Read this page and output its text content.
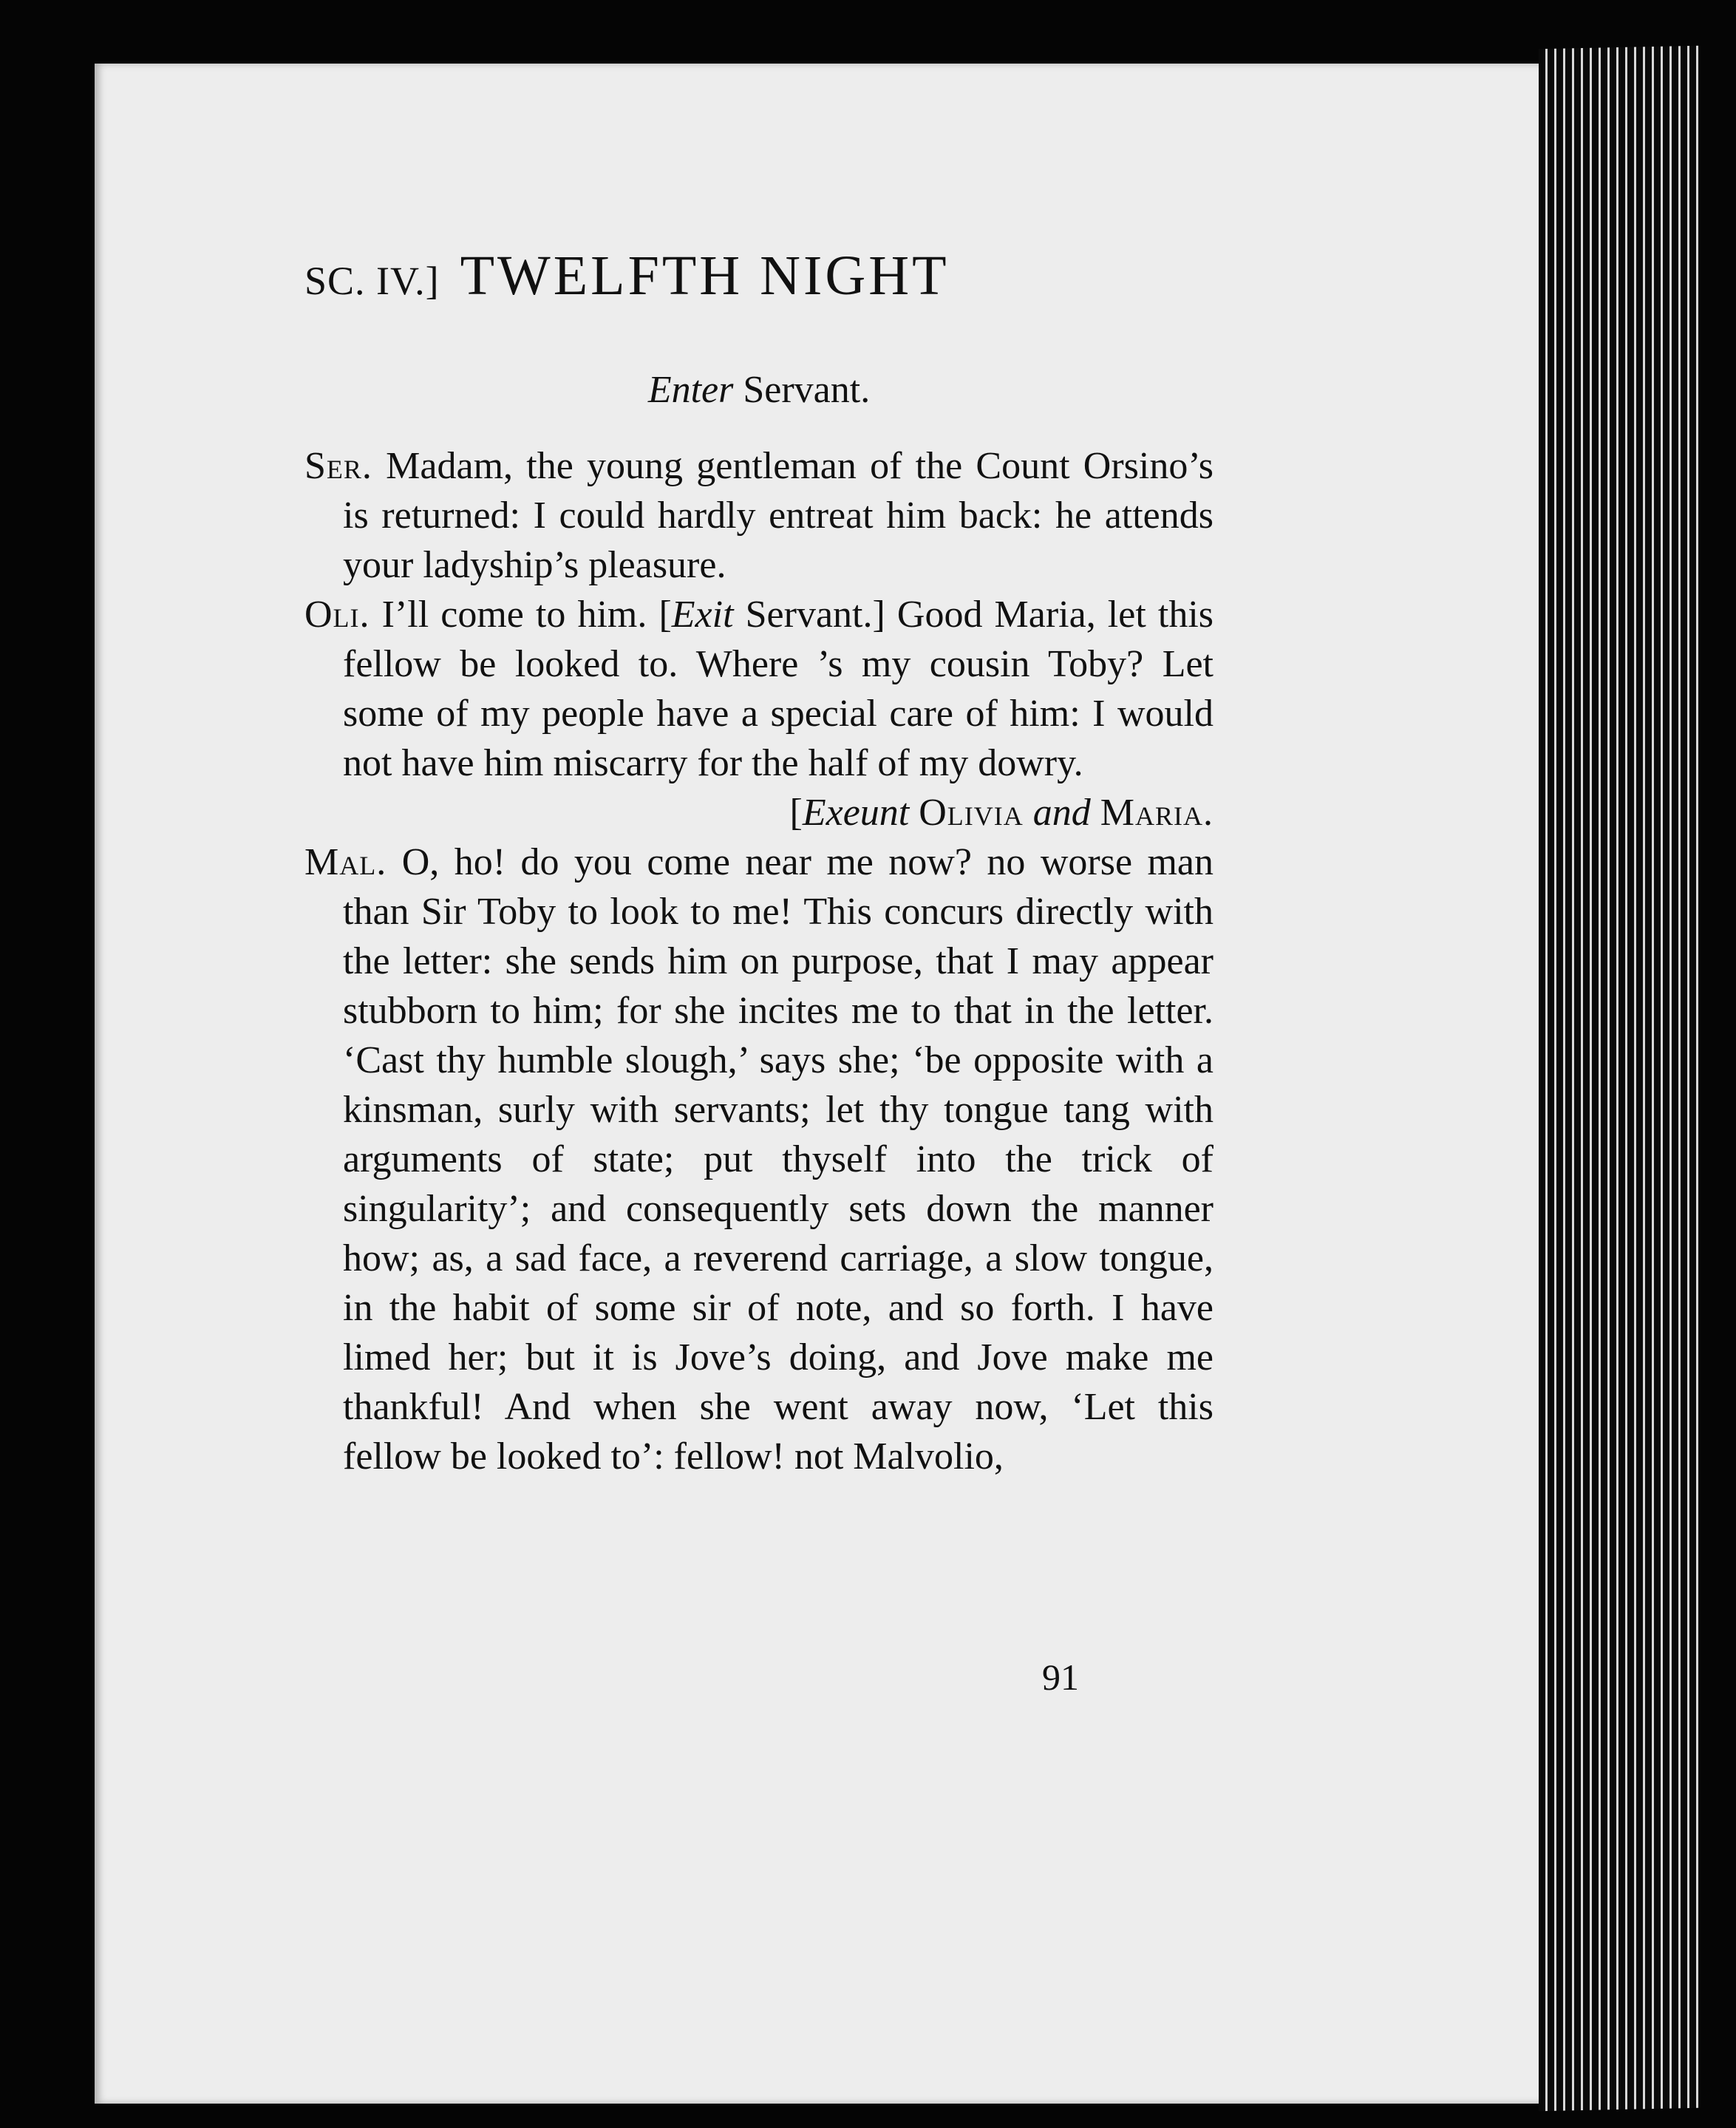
SC. IV.] TWELFTH NIGHT

Enter Servant.

Ser. Madam, the young gentleman of the Count Orsino’s is returned: I could hardly entreat him back: he attends your ladyship’s pleasure.

Oli. I’ll come to him. [Exit Servant.] Good Maria, let this fellow be looked to. Where ’s my cousin Toby? Let some of my people have a special care of him: I would not have him miscarry for the half of my dowry.

[Exeunt Olivia and Maria.

Mal. O, ho! do you come near me now? no worse man than Sir Toby to look to me! This concurs directly with the letter: she sends him on purpose, that I may appear stubborn to him; for she incites me to that in the letter. ‘Cast thy humble slough,’ says she; ‘be opposite with a kinsman, surly with servants; let thy tongue tang with arguments of state; put thyself into the trick of singularity’; and consequently sets down the manner how; as, a sad face, a reverend carriage, a slow tongue, in the habit of some sir of note, and so forth. I have limed her; but it is Jove’s doing, and Jove make me thankful! And when she went away now, ‘Let this fellow be looked to’: fellow! not Malvolio,

91
